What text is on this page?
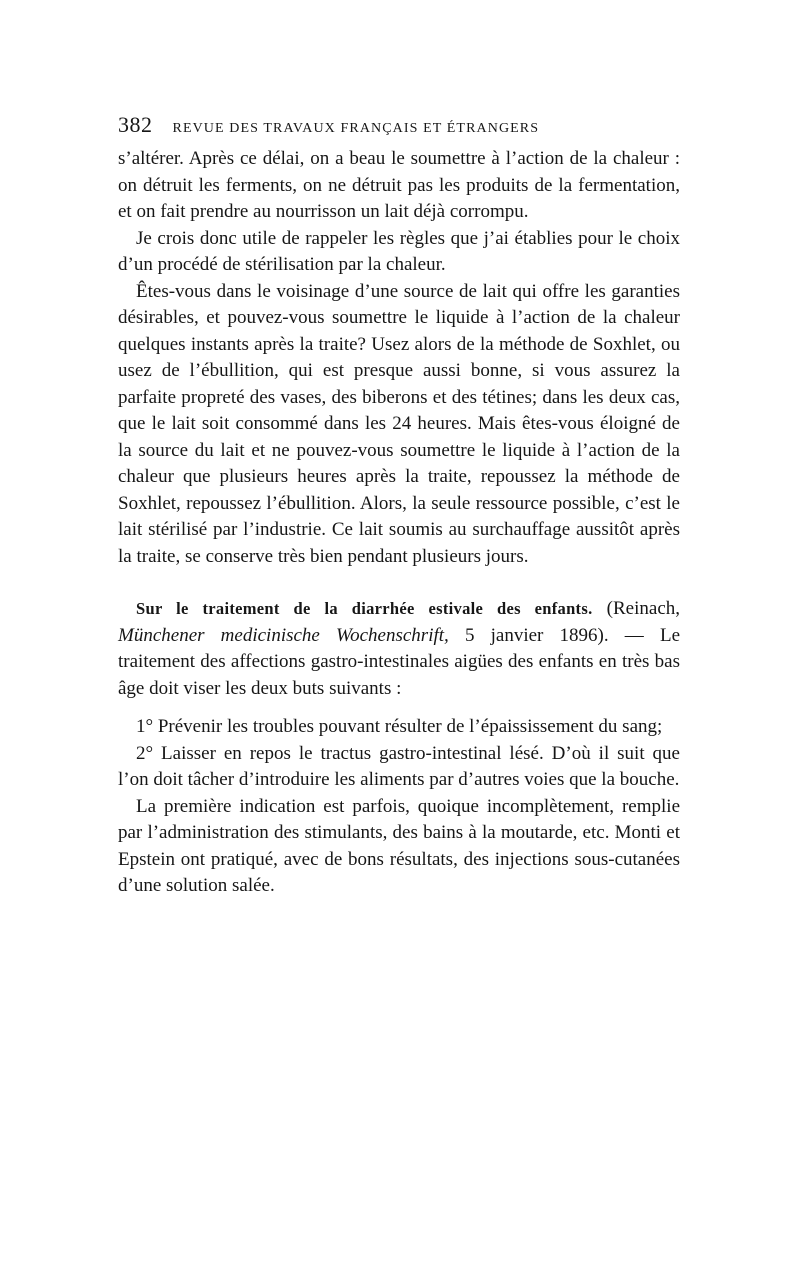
382 REVUE DES TRAVAUX FRANÇAIS ET ÉTRANGERS

s’altérer. Après ce délai, on a beau le soumettre à l’action de la chaleur : on détruit les ferments, on ne détruit pas les produits de la fermentation, et on fait prendre au nourrisson un lait déjà corrompu.

Je crois donc utile de rappeler les règles que j’ai établies pour le choix d’un procédé de stérilisation par la chaleur.

Êtes-vous dans le voisinage d’une source de lait qui offre les garanties désirables, et pouvez-vous soumettre le liquide à l’action de la chaleur quelques instants après la traite? Usez alors de la méthode de Soxhlet, ou usez de l’ébullition, qui est presque aussi bonne, si vous assurez la parfaite propreté des vases, des biberons et des tétines; dans les deux cas, que le lait soit consommé dans les 24 heures. Mais êtes-vous éloigné de la source du lait et ne pouvez-vous soumettre le liquide à l’action de la chaleur que plusieurs heures après la traite, repoussez la méthode de Soxhlet, repoussez l’ébullition. Alors, la seule ressource possible, c’est le lait stérilisé par l’industrie. Ce lait soumis au surchauffage aussitôt après la traite, se conserve très bien pendant plusieurs jours.

Sur le traitement de la diarrhée estivale des enfants. (Reinach, Münchener medicinische Wochenschrift, 5 janvier 1896). — Le traitement des affections gastro-intestinales aigües des enfants en très bas âge doit viser les deux buts suivants :

1° Prévenir les troubles pouvant résulter de l’épaississement du sang;

2° Laisser en repos le tractus gastro-intestinal lésé. D’où il suit que l’on doit tâcher d’introduire les aliments par d’autres voies que la bouche.

La première indication est parfois, quoique incomplètement, remplie par l’administration des stimulants, des bains à la moutarde, etc. Monti et Epstein ont pratiqué, avec de bons résultats, des injections sous-cutanées d’une solution salée.
